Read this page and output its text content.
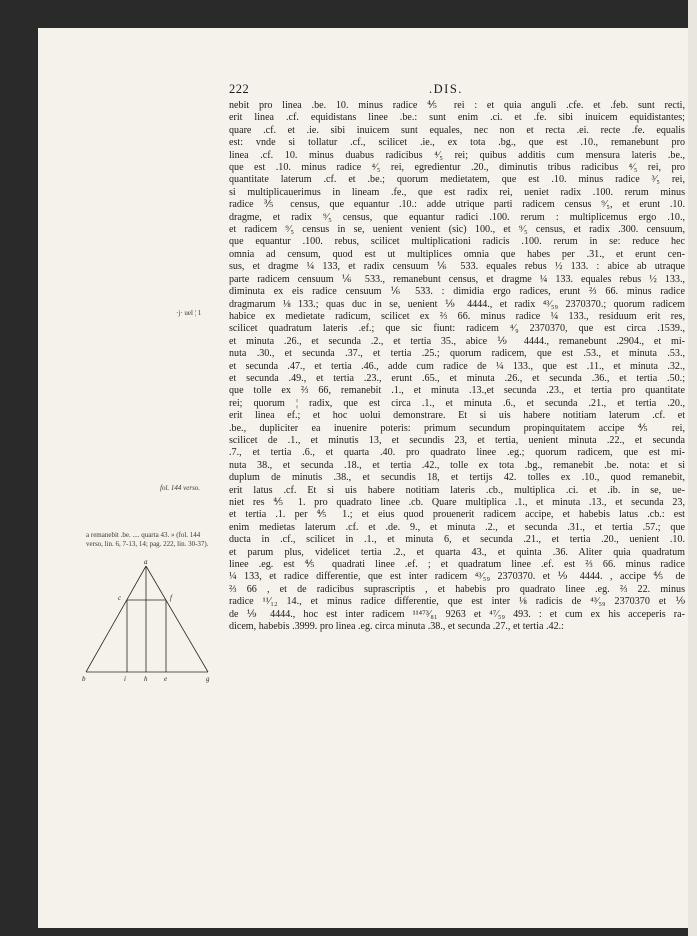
222	.DIS.
·j· uel ¦ 1
fol. 144 verso.
a remanebit .be. .... quarta 43. » (fol. 144 verso, lin. 6, 7-13, 14; pag. 222, lin. 30-37).
a
c	f
b	i	h e	g
nebit pro linea .be. 10. minus radice ⅘ rei : et quia anguli .cfe. et .feb. sunt recti,
erit linea .cf. equidistans linee .be.: sunt enim .ci. et .fe. sibi inuicem equidistantes;
quare .cf. et .ie. sibi inuicem sunt equales, nec non et recta .ei. recte .fe. equalis
est: vnde si tollatur .cf., scilicet .ie., ex tota .bg., que est .10., remanebunt pro
linea .cf. 10. minus duabus radicibus ⁴⁄₅ rei; quibus additis cum mensura lateris .be.,
que est .10. minus radice ⁴⁄₅ rei, egredientur .20., diminutis tribus radicibus ⁴⁄₅ rei, pro
quantitate laterum .cf. et .be.; quorum medietatem, que est .10. minus radice ³⁄₅ rei,
si multiplicauerimus in lineam .fe., que est radix rei, ueniet radix .100. rerum minus
radice ⅗ census, que equantur .10.: adde utrique parti radicem census ⁹⁄₅, et erunt .10.
dragme, et radix ⁹⁄₅ census, que equantur radici .100. rerum : multiplicemus ergo .10.,
et radicem ⁹⁄₅ census in se, uenient venient (sic) 100., et ⁹⁄₅ census, et radix .300. censuum,
que equantur .100. rebus, scilicet multiplicationi radicis .100. rerum in se: reduce hec
omnia ad censum, quod est ut multiplices omnia que habes per .31., et erunt cen-
sus, et dragme ¼ 133, et radix censuum ⅙ 533. equales rebus ½ 133. : abice ab utraque
parte radicem censuum ⅙ 533., remanebunt census, et dragme ¼ 133. equales rebus ½ 133.,
diminuta ex eis radice censuum ⅙ 533. : dimidia ergo radices, erunt ⅔ 66. minus radice
dragmarum ⅛ 133.; quas duc in se, uenient ⅑ 4444., et radix ⁴³⁄₅₉ 2370370.; quorum radicem
habice ex medietate radicum, scilicet ex ⅔ 66. minus radice ¼ 133., residuum erit res,
scilicet quadratum lateris .ef.; que sic fiunt: radicem ⁴⁄₉ 2370370, que est circa .1539.,
et minuta .26., et secunda .2., et tertia 35., abice ⅑ 4444., remanebunt .2904., et mi-
nuta .30., et secunda .37., et tertia .25.; quorum radicem, que est .53., et minuta .53.,
et secunda .47., et tertia .46., adde cum radice de ¼ 133., que est .11., et minuta .32.,
et secunda .49., et tertia .23., erunt .65., et minuta .26., et secunda .36., et tertia .50.;
que tolle ex ⅔ 66, remanebit .1., et minuta .13.,et secunda .23., et tertia pro quantitate
rei; quorum ¦ radix, que est circa .1., et minuta .6., et secunda .21., et tertia .20.,
erit linea ef.; et hoc uolui demonstrare. Et si uis habere notitiam laterum .cf. et
.be., dupliciter ea inuenire poteris: primum secundum propinquitatem accipe ⅘ rei,
scilicet de .1., et minutis 13, et secundis 23, et tertia, uenient minuta .22., et secunda
.7., et tertia .6., et quarta .40. pro quadrato linee .eg.; quorum radicem, que est mi-
nuta 38., et secunda .18., et tertia .42., tolle ex tota .bg., remanebit .be. nota: et si
duplum de minutis .38., et secundis 18, et tertijs 42. tolles ex .10., quod remanebit,
erit latus .cf. Et si uis habere notitiam lateris .cb., multiplica .ci. et .ib. in se, ue-
niet res ⅘ 1. pro quadrato linee .cb. Quare multiplica .1., et minuta .13., et secunda 23,
et tertia .1. per ⅘ 1.; et eius quod prouenerit radicem accipe, et habebis latus .cb.: est
enim medietas laterum .cf. et .de. 9., et minuta .2., et secunda .31., et tertia .57.; que
ducta in .cf., scilicet in .1., et minuta 6, et secunda .21., et tertia .20., uenient .10.
et parum plus, videlicet tertia .2., et quarta 43., et quinta .36. Aliter quia quadratum
linee .eg. est ⅘ quadrati linee .ef. ; et quadratum linee .ef. est ⅔ 66. minus radice
¼ 133, et radice differentie, que est inter radicem ⁴³⁄₅₉ 2370370. et ⅑ 4444. , accipe ⅘ de
⅔ 66 , et de radicibus suprascriptis , et habebis pro quadrato linee .eg. ⅔ 22. minus
radice ¹¹⁄₁₂ 14., et minus radice differentie, que est inter ⅛ radicis de ⁴³⁄₅₉ 2370370 et ⅑
de ⅑ 4444., hoc est inter radicem ¹¹⁴⁷³⁄₈₁ 9263 et ⁴⁷⁄₅₉ 493. : et cum ex his acceperis ra-
dicem, habebis .3999. pro linea .eg. circa minuta .38., et secunda .27., et tertia .42.:
